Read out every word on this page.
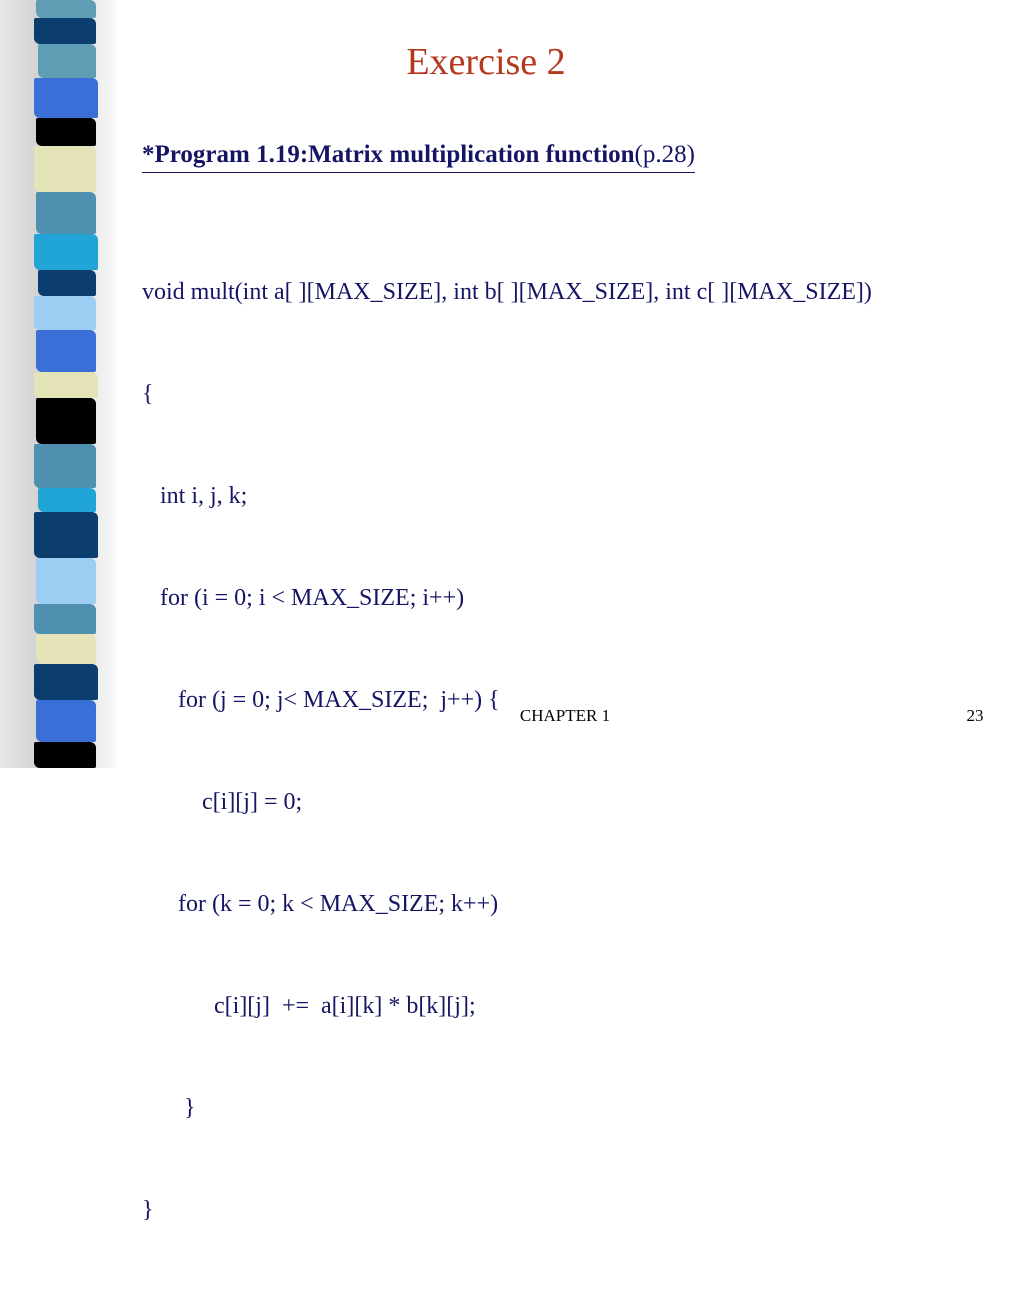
Exercise 2
*Program 1.19:Matrix multiplication function(p.28)

void mult(int a[ ][MAX_SIZE], int b[ ][MAX_SIZE], int c[ ][MAX_SIZE])

{

int i, j, k;

for (i = 0; i < MAX_SIZE; i++)

for (j = 0; j< MAX_SIZE;  j++) {

c[i][j] = 0;

for (k = 0; k < MAX_SIZE; k++)

c[i][j]  +=  a[i][k] * b[k][j];

}

}

CHAPTER 1	23
